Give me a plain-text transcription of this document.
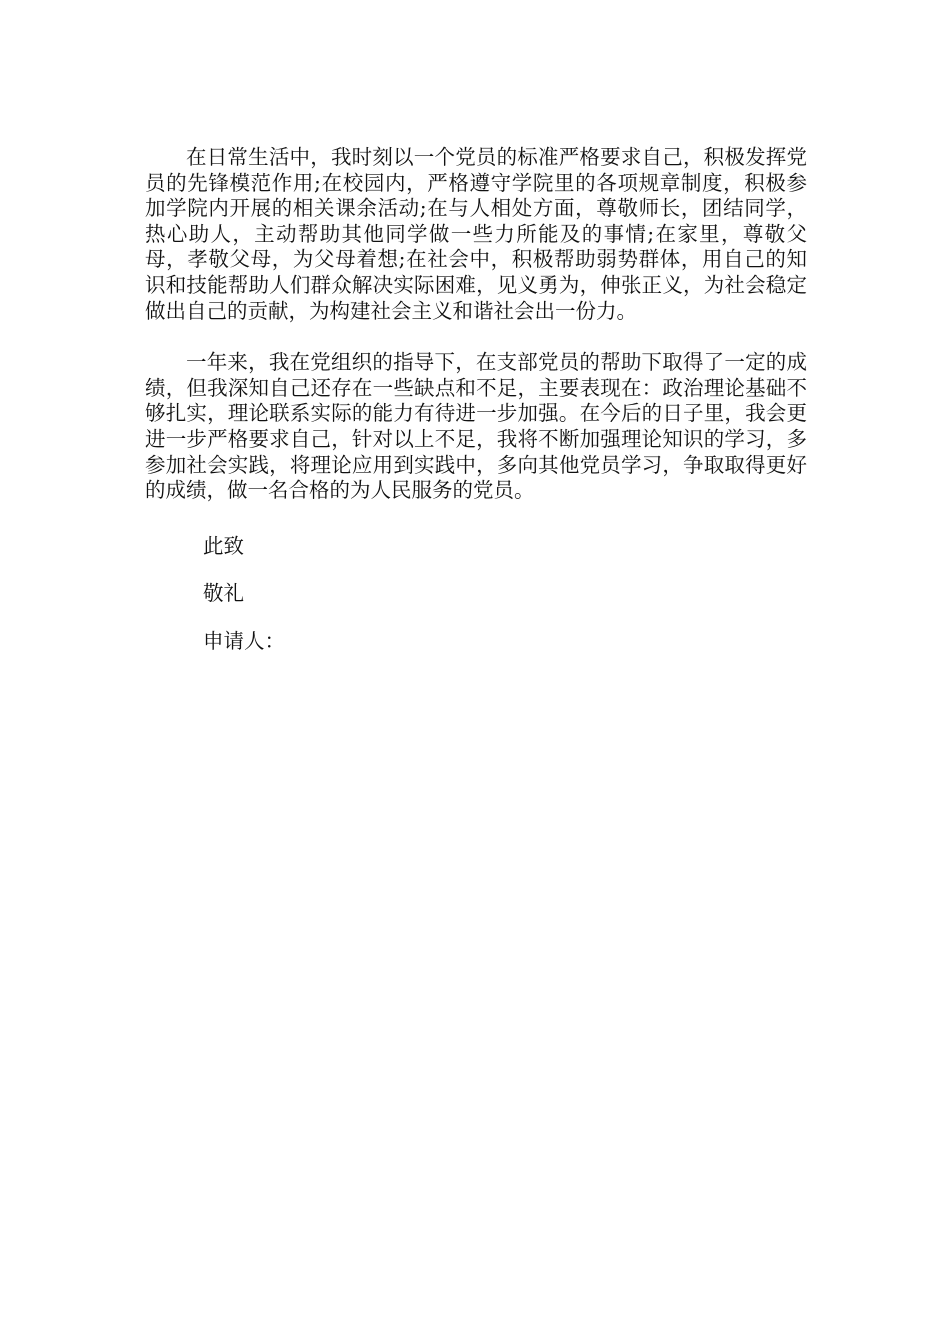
在日常生活中，我时刻以一个党员的标准严格要求自己，积极发挥党员的先锋模范作用;在校园内，严格遵守学院里的各项规章制度，积极参加学院内开展的相关课余活动;在与人相处方面，尊敬师长，团结同学，热心助人，主动帮助其他同学做一些力所能及的事情;在家里，尊敬父母，孝敬父母，为父母着想;在社会中，积极帮助弱势群体，用自己的知识和技能帮助人们群众解决实际困难，见义勇为，伸张正义，为社会稳定做出自己的贡献，为构建社会主义和谐社会出一份力。

一年来，我在党组织的指导下，在支部党员的帮助下取得了一定的成绩，但我深知自己还存在一些缺点和不足，主要表现在：政治理论基础不够扎实，理论联系实际的能力有待进一步加强。在今后的日子里，我会更进一步严格要求自己，针对以上不足，我将不断加强理论知识的学习，多参加社会实践，将理论应用到实践中，多向其他党员学习，争取取得更好的成绩，做一名合格的为人民服务的党员。

此致

敬礼

申请人：
